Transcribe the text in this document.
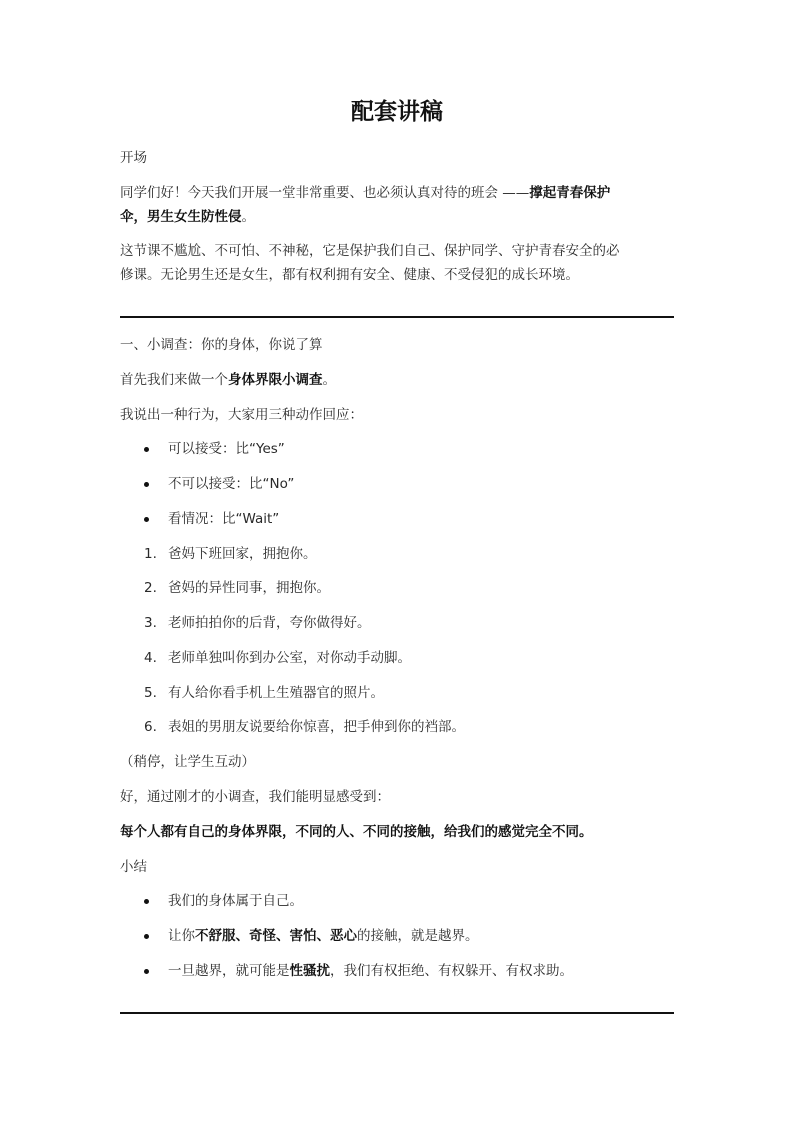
配套讲稿

开场

同学们好！今天我们开展一堂非常重要、也必须认真对待的班会 ——撑起青春保护
伞，男生女生防性侵。

这节课不尴尬、不可怕、不神秘，它是保护我们自己、保护同学、守护青春安全的必
修课。无论男生还是女生，都有权利拥有安全、健康、不受侵犯的成长环境。

一、小调查：你的身体，你说了算

首先我们来做一个身体界限小调查。

我说出一种行为，大家用三种动作回应：

可以接受：比“Yes”
不可以接受：比“No”
看情况：比“Wait”
1. 爸妈下班回家，拥抱你。
2. 爸妈的异性同事，拥抱你。
3. 老师拍拍你的后背，夸你做得好。
4. 老师单独叫你到办公室，对你动手动脚。
5. 有人给你看手机上生殖器官的照片。
6. 表姐的男朋友说要给你惊喜，把手伸到你的裆部。

（稍停，让学生互动）

好，通过刚才的小调查，我们能明显感受到：

每个人都有自己的身体界限，不同的人、不同的接触，给我们的感觉完全不同。

小结

我们的身体属于自己。
让你不舒服、奇怪、害怕、恶心的接触，就是越界。
一旦越界，就可能是性骚扰，我们有权拒绝、有权躲开、有权求助。
